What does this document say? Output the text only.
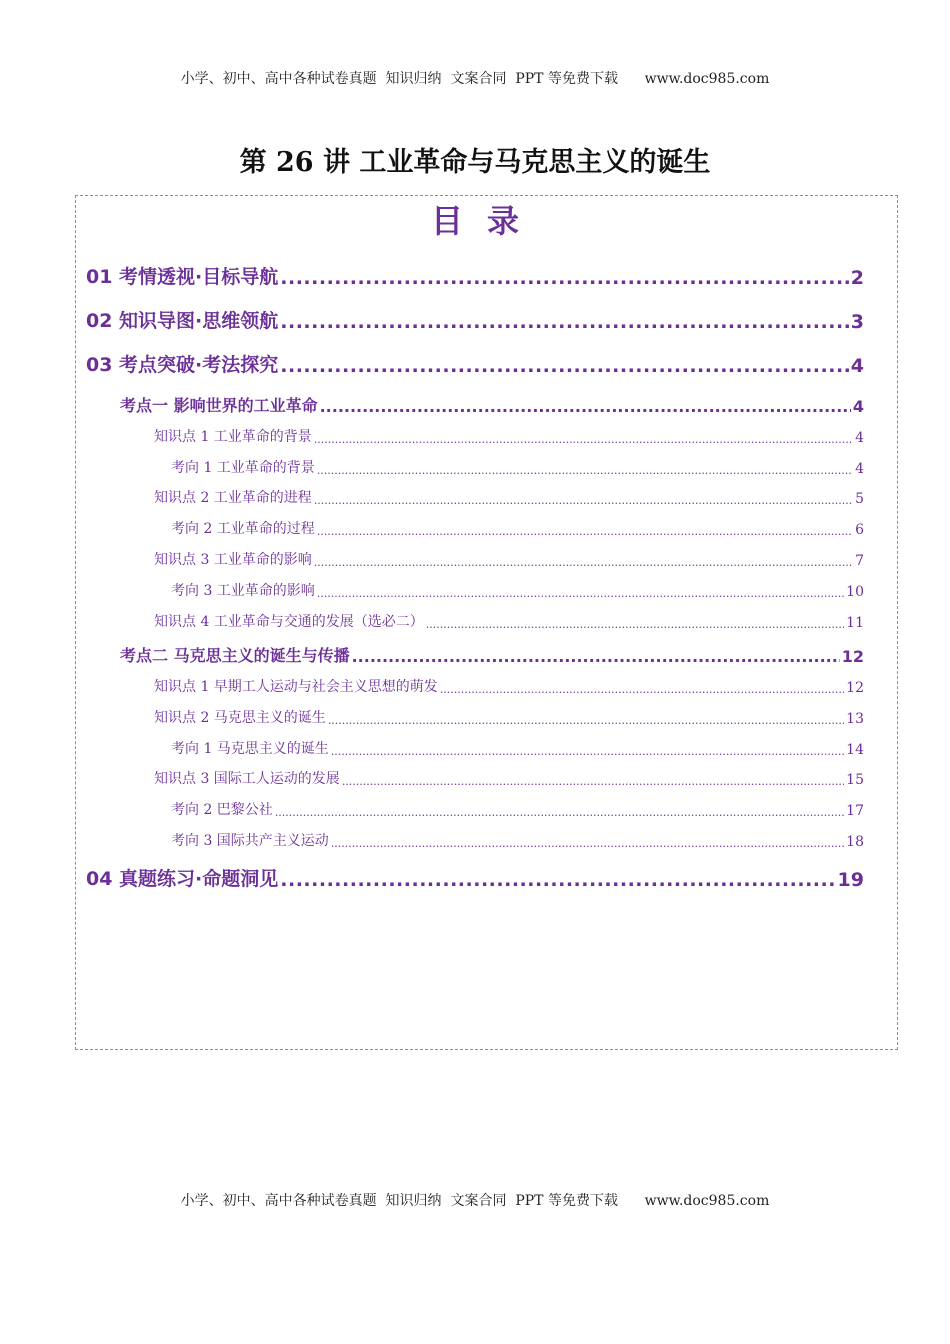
小学、初中、高中各种试卷真题  知识归纳  文案合同  PPT 等免费下载      www.doc985.com
第 26 讲 工业革命与马克思主义的诞生
目录
01 考情透视·目标导航 .....	2
02 知识导图·思维领航 .....	3
03 考点突破·考法探究 .....	4
考点一 影响世界的工业革命 .....	4
知识点 1 工业革命的背景 .....	4
考向 1 工业革命的背景 .....	4
知识点 2 工业革命的进程 .....	5
考向 2 工业革命的过程 .....	6
知识点 3 工业革命的影响 .....	7
考向 3 工业革命的影响 .....	10
知识点 4 工业革命与交通的发展（选必二） .....	11
考点二 马克思主义的诞生与传播 .....	12
知识点 1 早期工人运动与社会主义思想的萌发 .....	12
知识点 2 马克思主义的诞生 .....	13
考向 1 马克思主义的诞生 .....	14
知识点 3 国际工人运动的发展 .....	15
考向 2 巴黎公社 .....	17
考向 3 国际共产主义运动 .....	18
04 真题练习·命题洞见 .....	19
小学、初中、高中各种试卷真题  知识归纳  文案合同  PPT 等免费下载      www.doc985.com
